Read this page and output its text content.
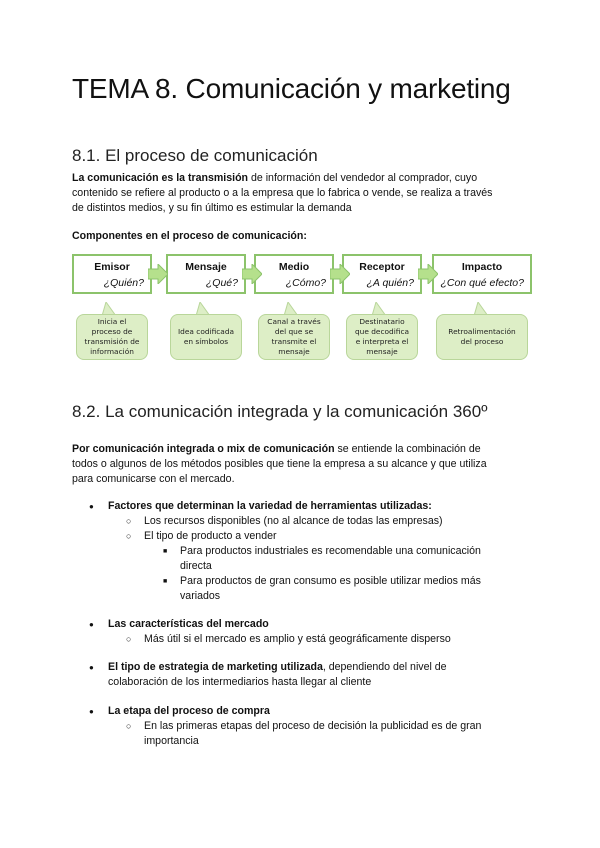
TEMA 8. Comunicación y marketing
8.1. El proceso de comunicación

La comunicación es la transmisión de información del vendedor al comprador, cuyo
contenido se refiere al producto o a la empresa que lo fabrica o vende, se realiza a través
de distintos medios, y su fin último es estimular la demanda

Componentes en el proceso de comunicación:

Emisor
¿Quién?
Mensaje
¿Qué?
Medio
¿Cómo?
Receptor
¿A quién?
Impacto
¿Con qué efecto?
Inicia el proceso de transmisión de información
Idea codificada en símbolos
Canal a través del que se transmite el mensaje
Destinatario que decodifica e interpreta el mensaje
Retroalimentación del proceso
8.2. La comunicación integrada y la comunicación 360º

Por comunicación integrada o mix de comunicación se entiende la combinación de
todos o algunos de los métodos posibles que tiene la empresa a su alcance y que utiliza
para comunicarse con el mercado.

● Factores que determinan la variedad de herramientas utilizadas:
○ Los recursos disponibles (no al alcance de todas las empresas)
○ El tipo de producto a vender
■ Para productos industriales es recomendable una comunicación
directa
■ Para productos de gran consumo es posible utilizar medios más
variados
● Las características del mercado
○ Más útil si el mercado es amplio y está geográficamente disperso
● El tipo de estrategia de marketing utilizada, dependiendo del nivel de
colaboración de los intermediarios hasta llegar al cliente
● La etapa del proceso de compra
○ En las primeras etapas del proceso de decisión la publicidad es de gran
importancia
